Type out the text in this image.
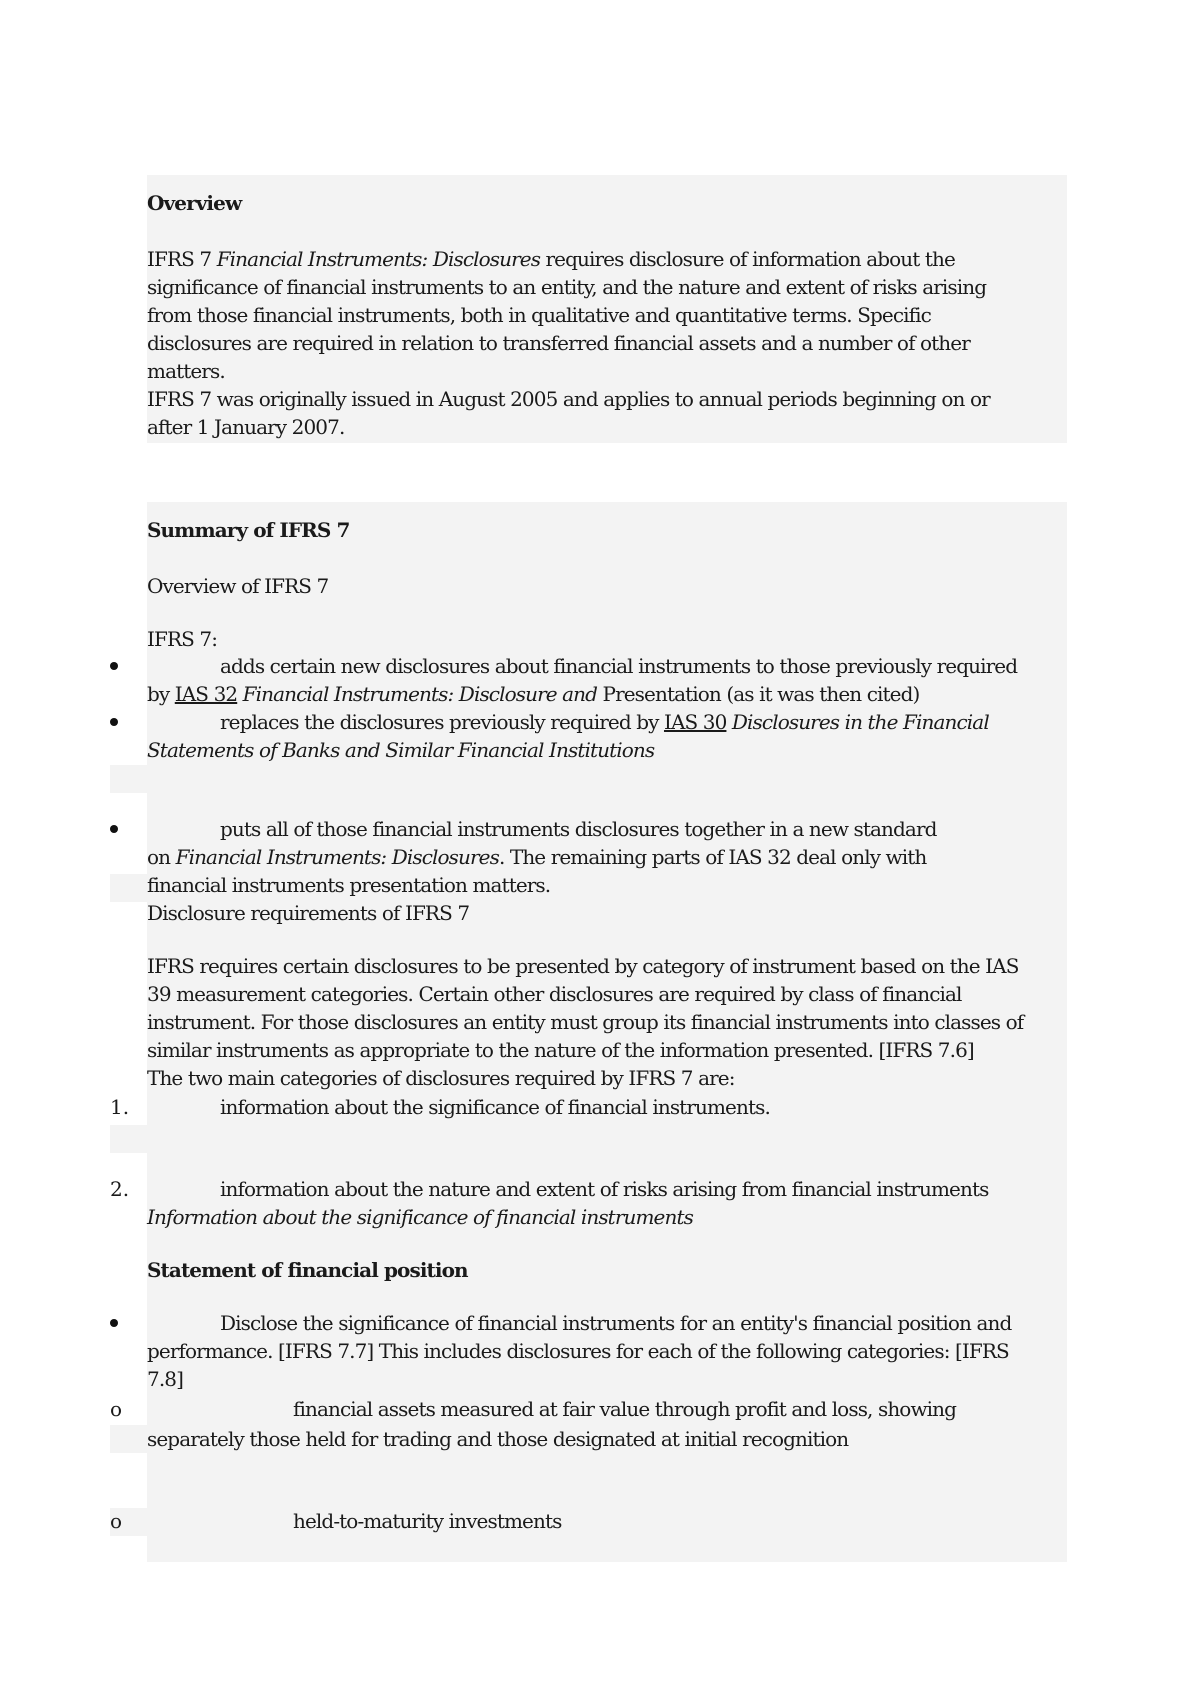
Overview
IFRS 7 Financial Instruments: Disclosures requires disclosure of information about the
significance of financial instruments to an entity, and the nature and extent of risks arising
from those financial instruments, both in qualitative and quantitative terms. Specific
disclosures are required in relation to transferred financial assets and a number of other
matters.
IFRS 7 was originally issued in August 2005 and applies to annual periods beginning on or
after 1 January 2007.
Summary of IFRS 7
Overview of IFRS 7
IFRS 7:
adds certain new disclosures about financial instruments to those previously required
by IAS 32 Financial Instruments: Disclosure and Presentation (as it was then cited)
replaces the disclosures previously required by IAS 30 Disclosures in the Financial
Statements of Banks and Similar Financial Institutions
puts all of those financial instruments disclosures together in a new standard
on Financial Instruments: Disclosures. The remaining parts of IAS 32 deal only with
financial instruments presentation matters.
Disclosure requirements of IFRS 7
IFRS requires certain disclosures to be presented by category of instrument based on the IAS
39 measurement categories. Certain other disclosures are required by class of financial
instrument. For those disclosures an entity must group its financial instruments into classes of
similar instruments as appropriate to the nature of the information presented. [IFRS 7.6]
The two main categories of disclosures required by IFRS 7 are:
1.	information about the significance of financial instruments.
2.	information about the nature and extent of risks arising from financial instruments
Information about the significance of financial instruments
Statement of financial position
Disclose the significance of financial instruments for an entity's financial position and
performance. [IFRS 7.7] This includes disclosures for each of the following categories: [IFRS
7.8]
o	financial assets measured at fair value through profit and loss, showing
separately those held for trading and those designated at initial recognition
o	held-to-maturity investments
